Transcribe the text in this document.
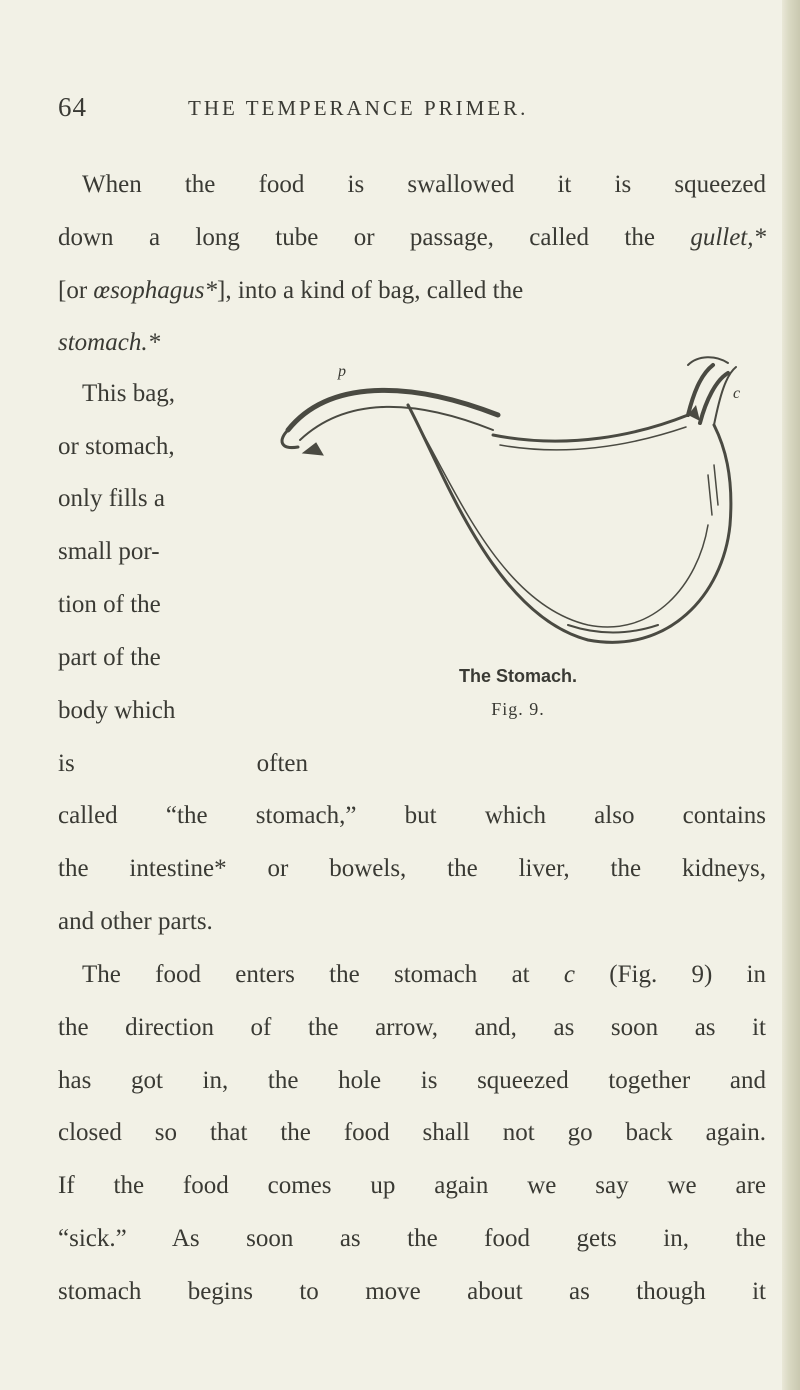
64	THE TEMPERANCE PRIMER.
When the food is swallowed it is squeezed
down a long tube or passage, called the gullet,*
[or œsophagus*], into a kind of bag, called the
stomach.*
This bag,
or stomach,
only fills a
small por-
tion of the
part of the
body which
is often
p
c
The Stomach.
Fig. 9.
called “the stomach,” but which also contains
the intestine* or bowels, the liver, the kidneys,
and other parts.
The food enters the stomach at c (Fig. 9) in
the direction of the arrow, and, as soon as it
has got in, the hole is squeezed together and
closed so that the food shall not go back again.
If the food comes up again we say we are
“sick.” As soon as the food gets in, the
stomach begins to move about as though it
